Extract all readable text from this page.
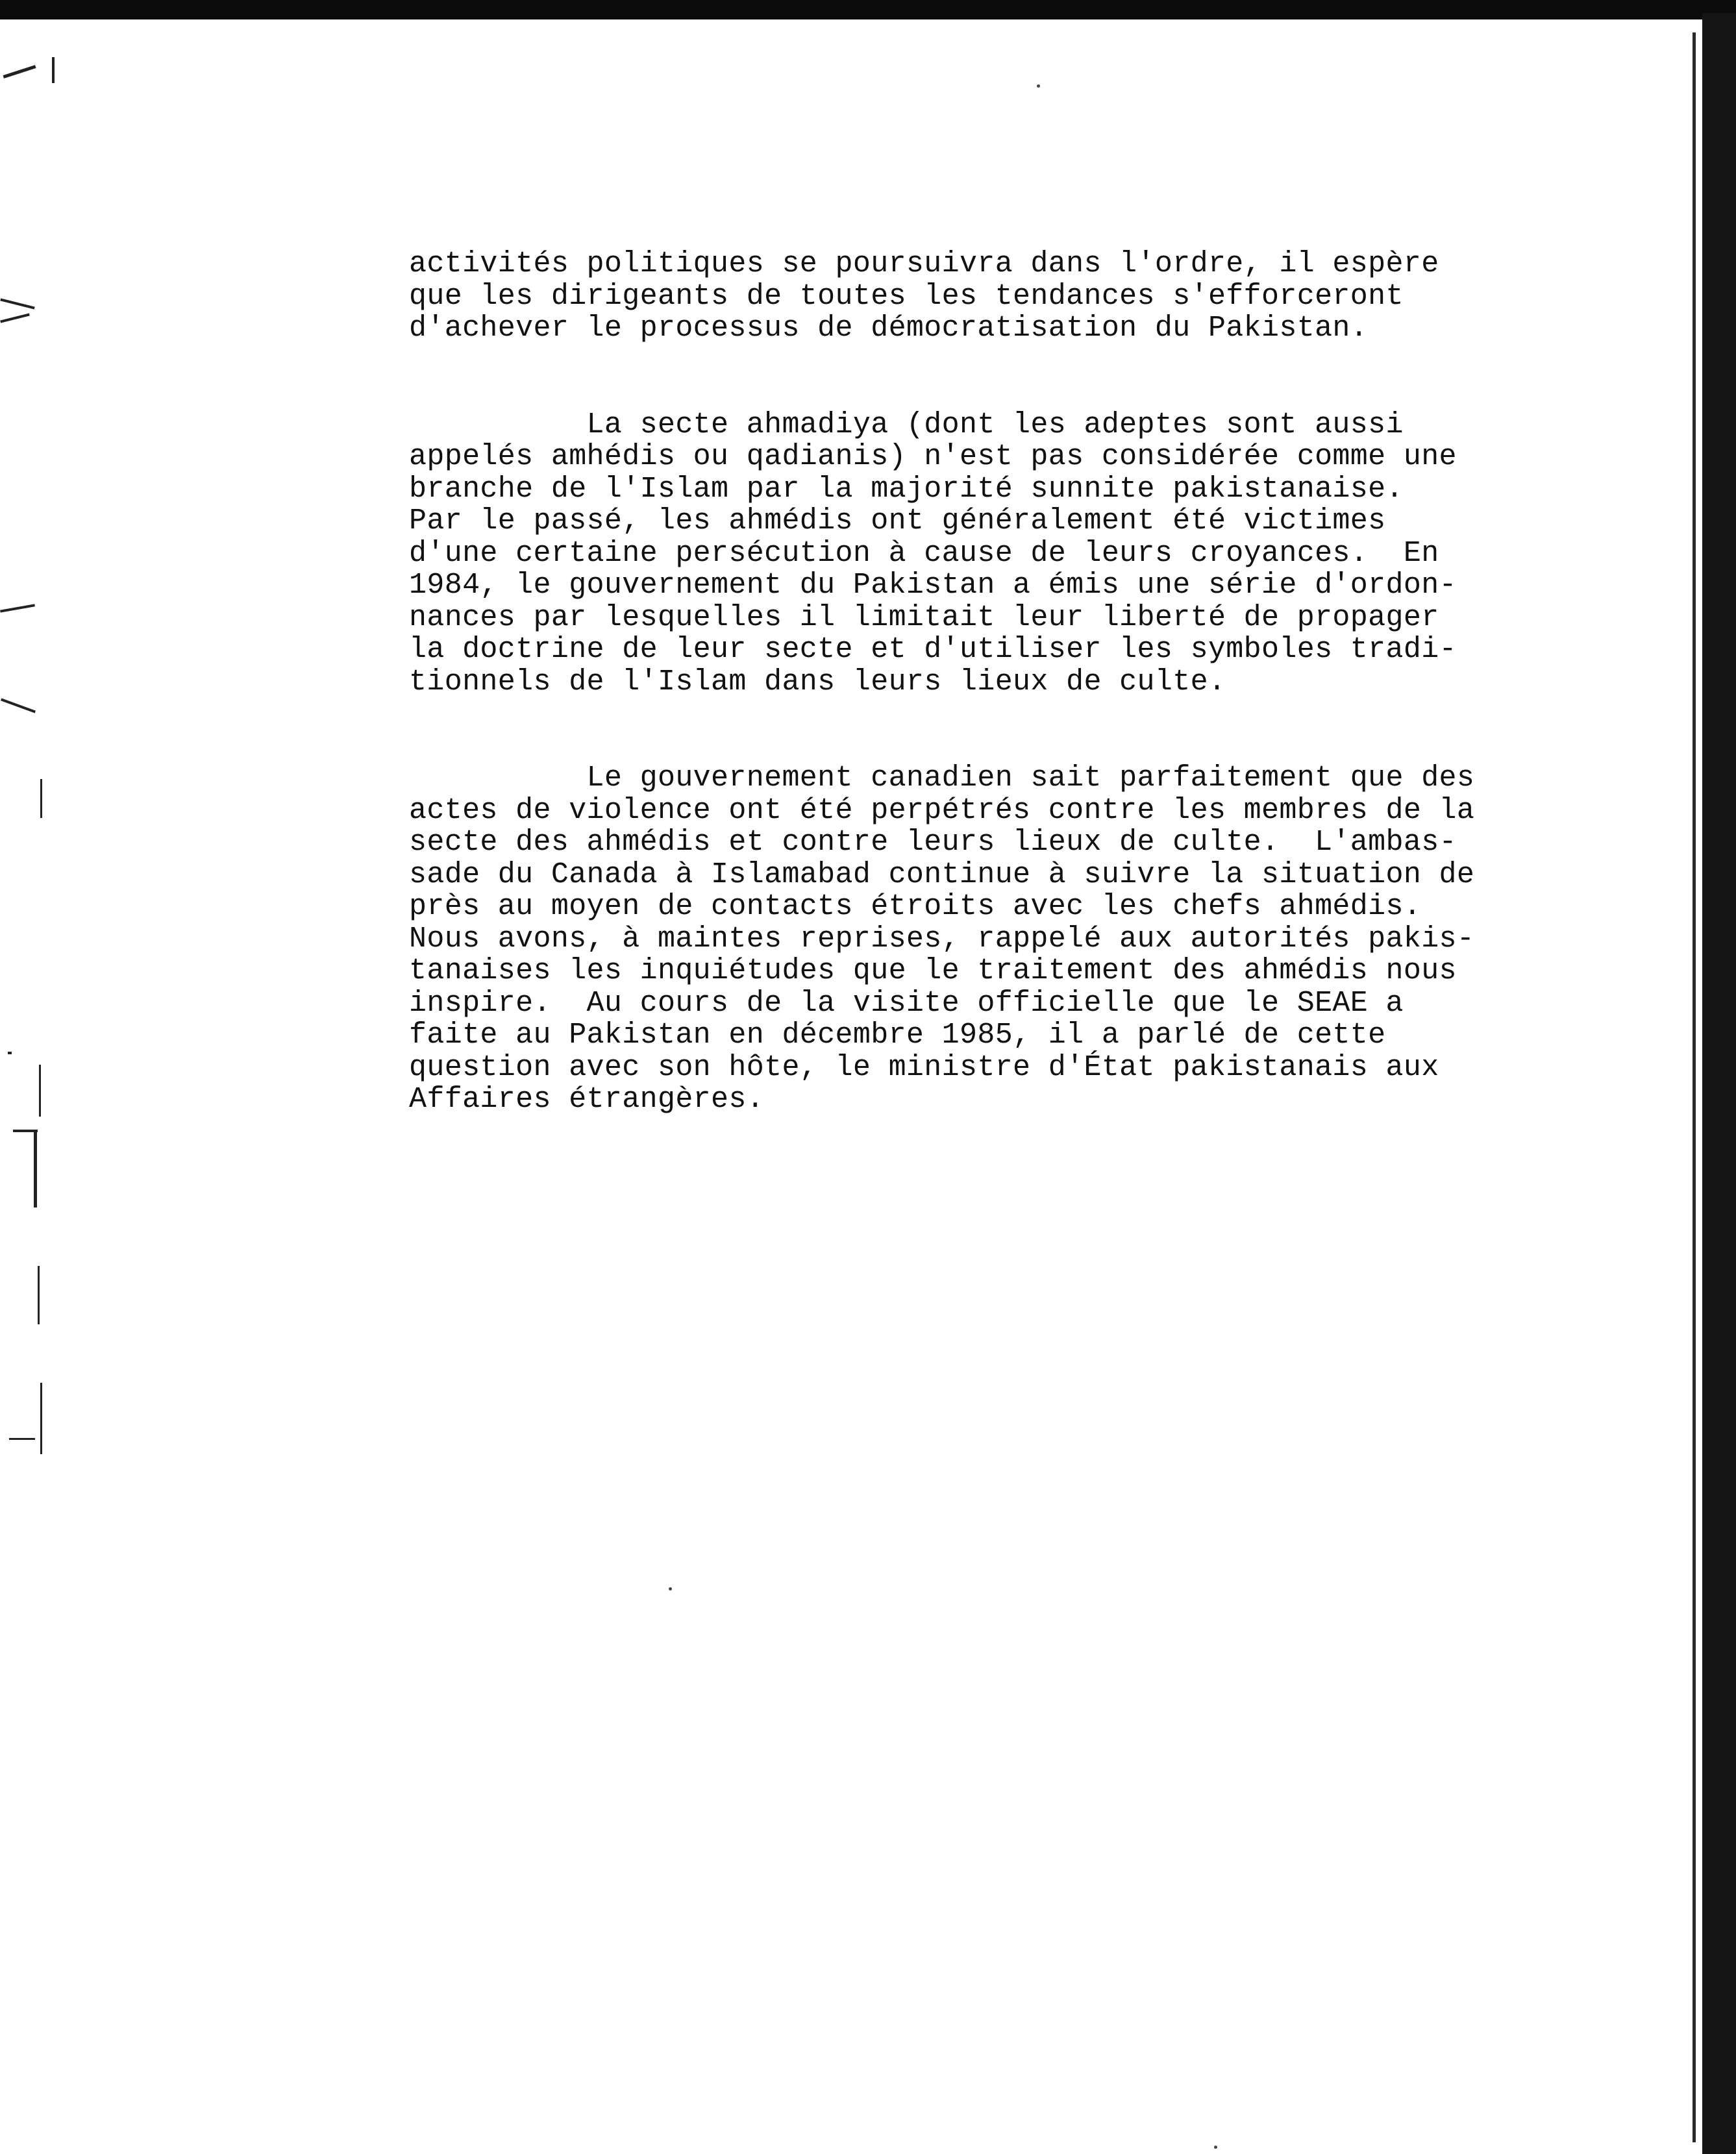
activités politiques se poursuivra dans l'ordre, il espère
que les dirigeants de toutes les tendances s'efforceront
d'achever le processus de démocratisation du Pakistan.

La secte ahmadiya (dont les adeptes sont aussi
appelés amhédis ou qadianis) n'est pas considérée comme une
branche de l'Islam par la majorité sunnite pakistanaise.
Par le passé, les ahmédis ont généralement été victimes
d'une certaine persécution à cause de leurs croyances.  En
1984, le gouvernement du Pakistan a émis une série d'ordon-
nances par lesquelles il limitait leur liberté de propager
la doctrine de leur secte et d'utiliser les symboles tradi-
tionnels de l'Islam dans leurs lieux de culte.

Le gouvernement canadien sait parfaitement que des
actes de violence ont été perpétrés contre les membres de la
secte des ahmédis et contre leurs lieux de culte.  L'ambas-
sade du Canada à Islamabad continue à suivre la situation de
près au moyen de contacts étroits avec les chefs ahmédis.
Nous avons, à maintes reprises, rappelé aux autorités pakis-
tanaises les inquiétudes que le traitement des ahmédis nous
inspire.  Au cours de la visite officielle que le SEAE a
faite au Pakistan en décembre 1985, il a parlé de cette
question avec son hôte, le ministre d'État pakistanais aux
Affaires étrangères.
